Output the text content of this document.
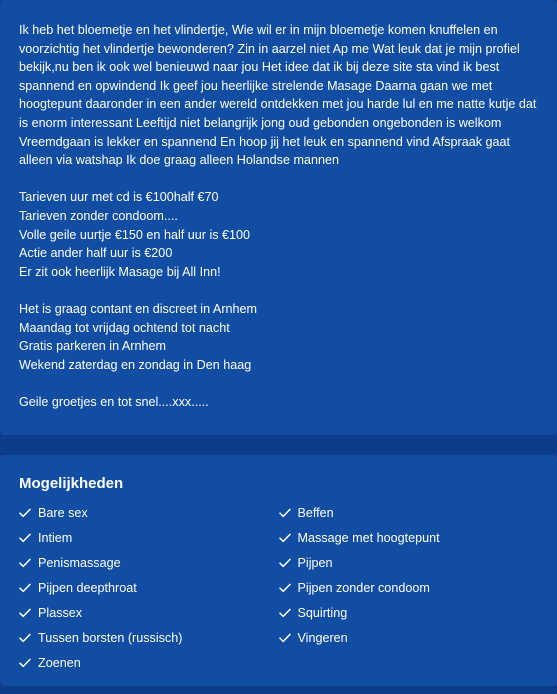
Ik heb het bloemetje en het vlindertje, Wie wil er in mijn bloemetje komen knuffelen en voorzichtig het vlindertje bewonderen? Zin in aarzel niet Ap me Wat leuk dat je mijn profiel bekijk,nu ben ik ook wel benieuwd naar jou Het idee dat ik bij deze site sta vind ik best spannend en opwindend Ik geef jou heerlijke strelende Masage Daarna gaan we met hoogtepunt daaronder in een ander wereld ontdekken met jou harde lul en me natte kutje dat is enorm interessant Leeftijd niet belangrijk jong oud gebonden ongebonden is welkom Vreemdgaan is lekker en spannend En hoop jij het leuk en spannend vind Afspraak gaat alleen via watshap Ik doe graag alleen Holandse mannen

Tarieven uur met cd is €100half €70
Tarieven zonder condoom....
Volle geile uurtje €150 en half uur is €100
Actie ander half uur is €200
Er zit ook heerlijk Masage bij All Inn!

Het is graag contant en discreet in Arnhem
Maandag tot vrijdag ochtend tot nacht
Gratis parkeren in Arnhem
Wekend zaterdag en zondag in Den haag

Geile groetjes en tot snel....xxx.....

Mogelijkheden
Bare sex
Intiem
Penismassage
Pijpen deepthroat
Plassex
Tussen borsten (russisch)
Zoenen
Beffen
Massage met hoogtepunt
Pijpen
Pijpen zonder condoom
Squirting
Vingeren
